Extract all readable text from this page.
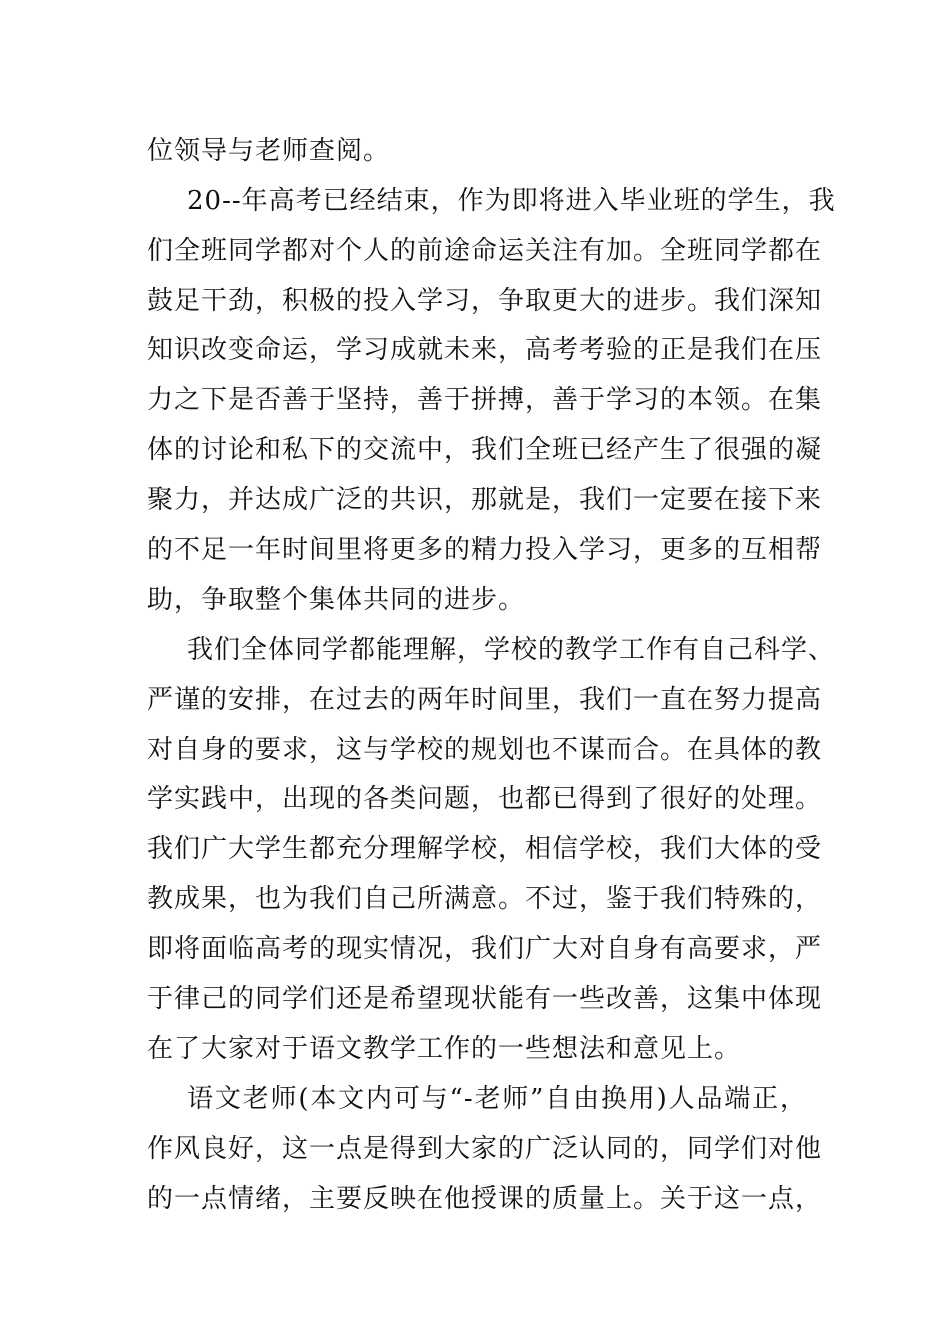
位领导与老师查阅。
20--年高考已经结束，作为即将进入毕业班的学生，我
们全班同学都对个人的前途命运关注有加。全班同学都在
鼓足干劲，积极的投入学习，争取更大的进步。我们深知
知识改变命运，学习成就未来，高考考验的正是我们在压
力之下是否善于坚持，善于拼搏，善于学习的本领。在集
体的讨论和私下的交流中，我们全班已经产生了很强的凝
聚力，并达成广泛的共识，那就是，我们一定要在接下来
的不足一年时间里将更多的精力投入学习，更多的互相帮
助，争取整个集体共同的进步。
我们全体同学都能理解，学校的教学工作有自己科学、
严谨的安排，在过去的两年时间里，我们一直在努力提高
对自身的要求，这与学校的规划也不谋而合。在具体的教
学实践中，出现的各类问题，也都已得到了很好的处理。
我们广大学生都充分理解学校，相信学校，我们大体的受
教成果，也为我们自己所满意。不过，鉴于我们特殊的，
即将面临高考的现实情况，我们广大对自身有高要求，严
于律己的同学们还是希望现状能有一些改善，这集中体现
在了大家对于语文教学工作的一些想法和意见上。
语文老师(本文内可与“-老师”自由换用)人品端正，
作风良好，这一点是得到大家的广泛认同的，同学们对他
的一点情绪，主要反映在他授课的质量上。关于这一点，
